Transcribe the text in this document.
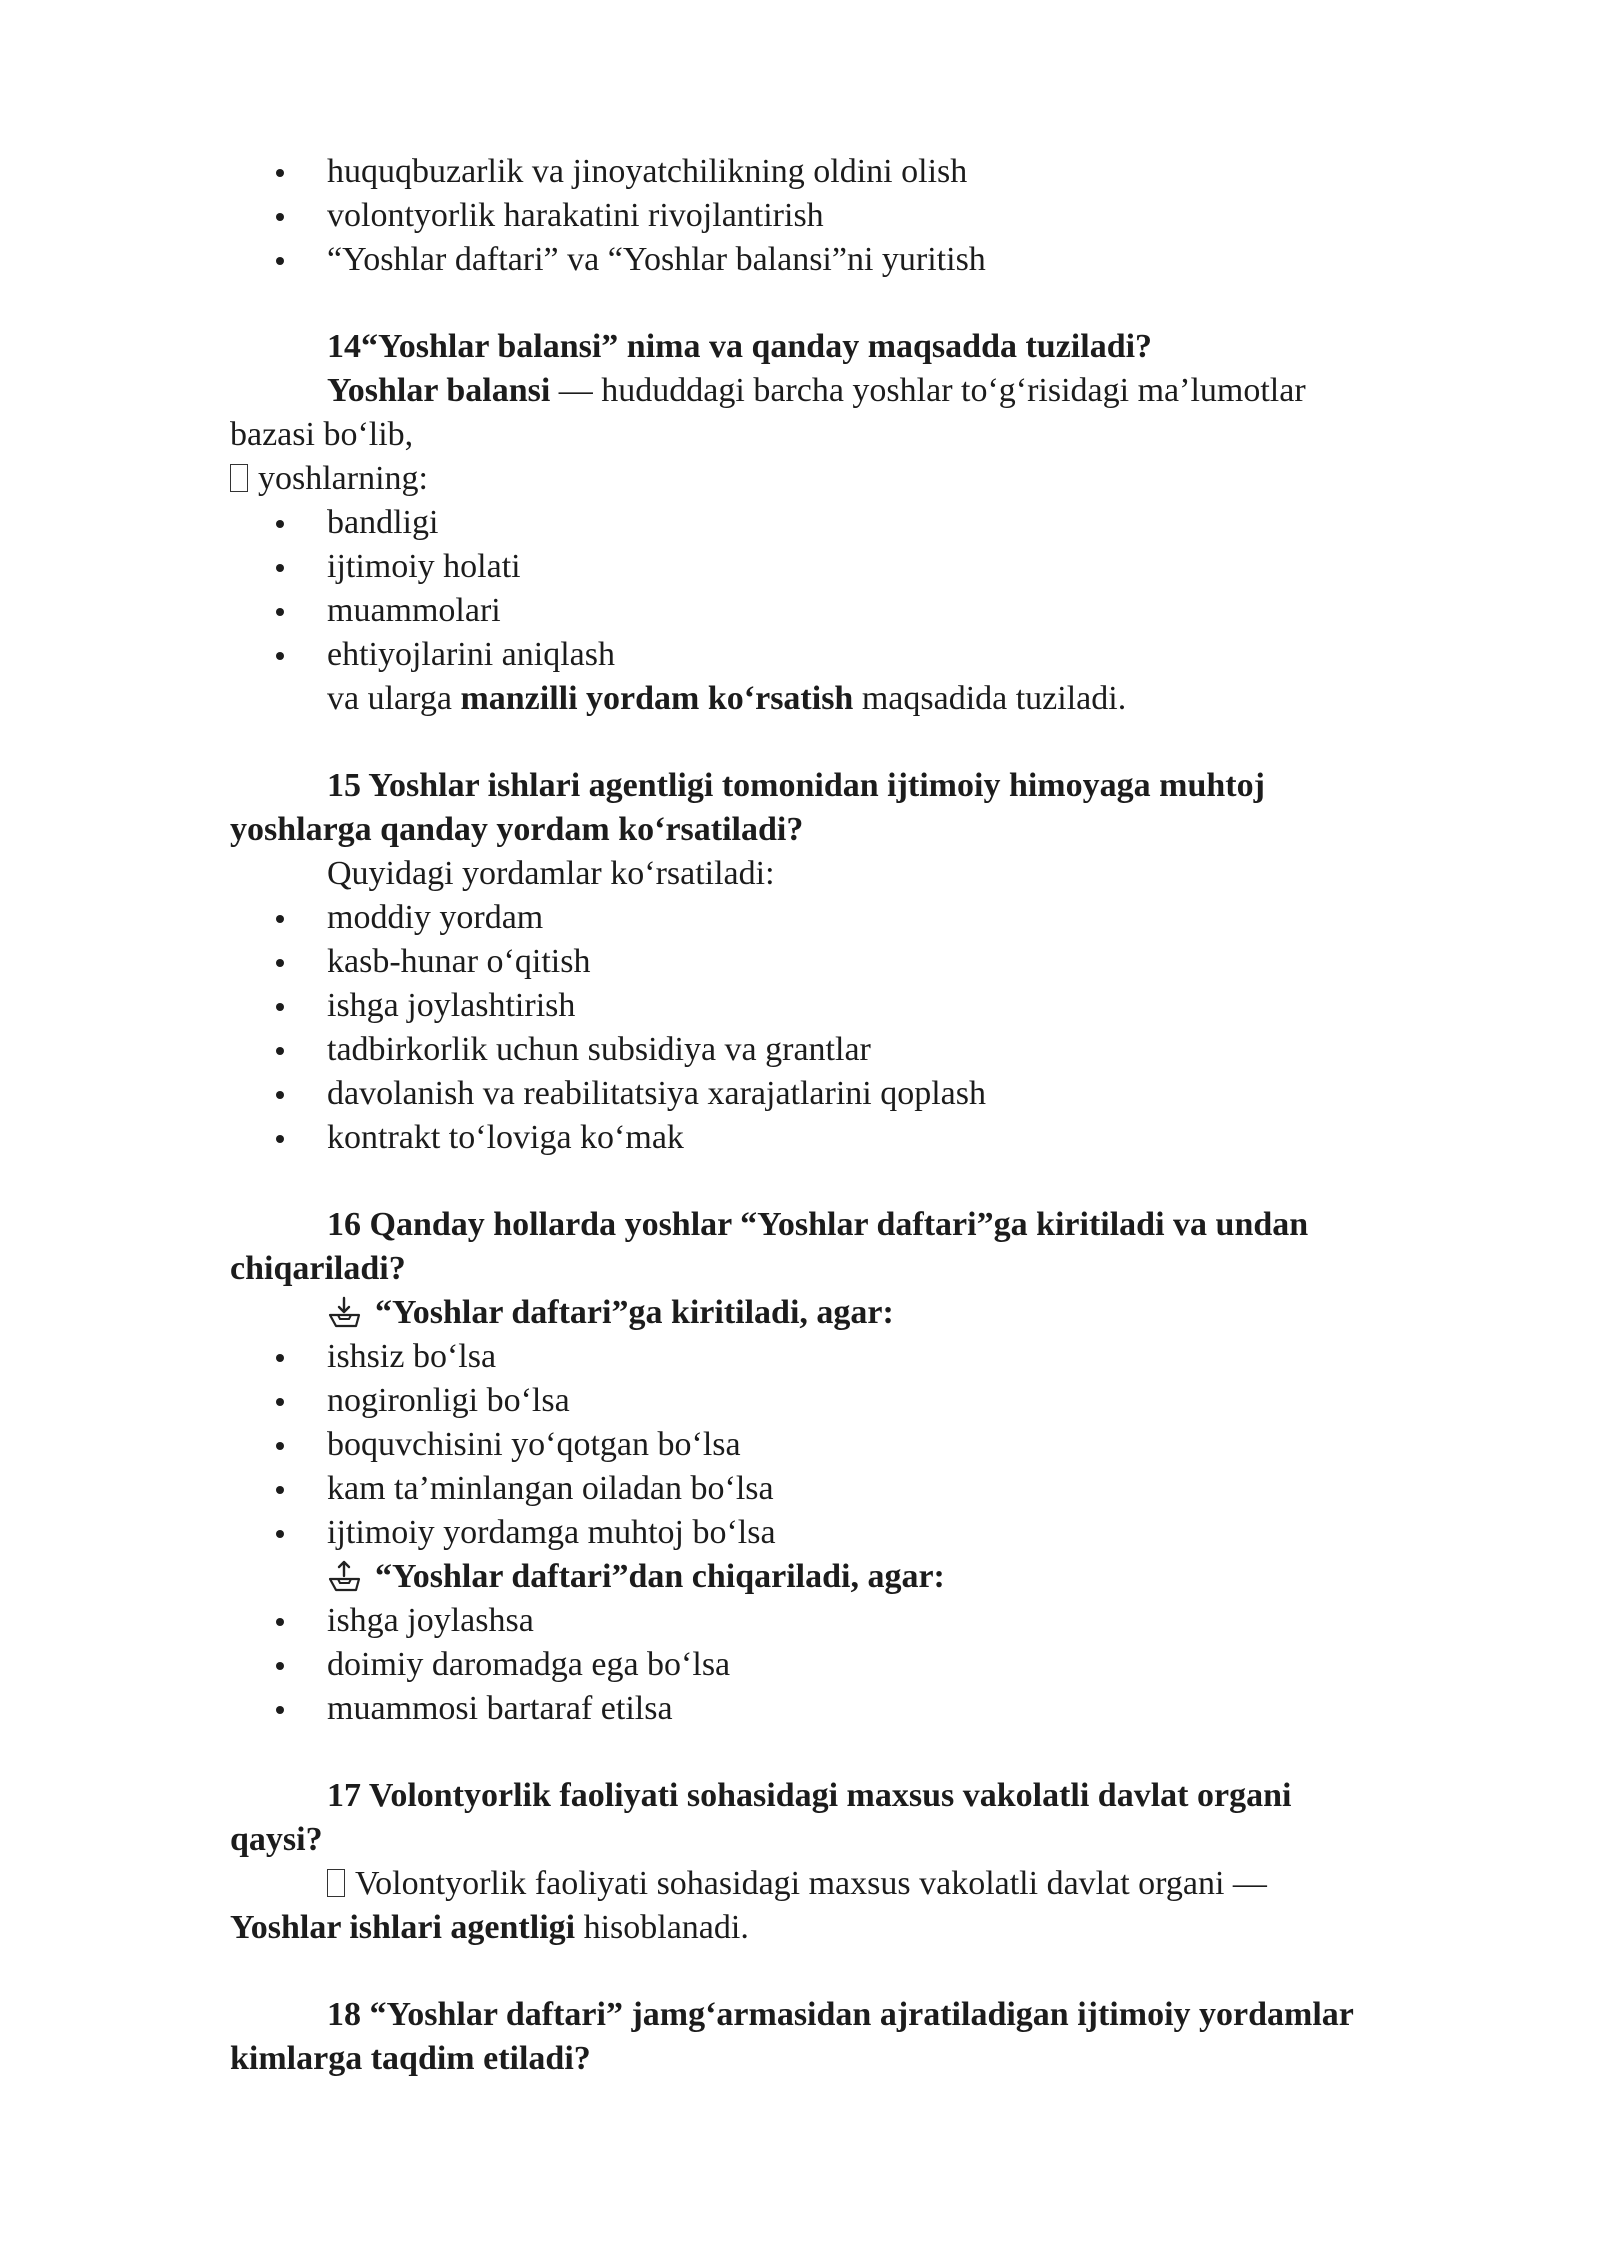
huquqbuzarlik va jinoyatchilikning oldini olish
volontyorlik harakatini rivojlantirish
“Yoshlar daftari” va “Yoshlar balansi”ni yuritish
14“Yoshlar balansi” nima va qanday maqsadda tuziladi?
Yoshlar balansi — hududdagi barcha yoshlar to‘g‘risidagi ma’lumotlar
bazasi bo‘lib,
yoshlarning:
bandligi
ijtimoiy holati
muammolari
ehtiyojlarini aniqlash
va ularga manzilli yordam ko‘rsatish maqsadida tuziladi.
15 Yoshlar ishlari agentligi tomonidan ijtimoiy himoyaga muhtoj
yoshlarga qanday yordam ko‘rsatiladi?
Quyidagi yordamlar ko‘rsatiladi:
moddiy yordam
kasb-hunar o‘qitish
ishga joylashtirish
tadbirkorlik uchun subsidiya va grantlar
davolanish va reabilitatsiya xarajatlarini qoplash
kontrakt to‘loviga ko‘mak
16 Qanday hollarda yoshlar “Yoshlar daftari”ga kiritiladi va undan
chiqariladi?
“Yoshlar daftari”ga kiritiladi, agar:
ishsiz bo‘lsa
nogironligi bo‘lsa
boquvchisini yo‘qotgan bo‘lsa
kam ta’minlangan oiladan bo‘lsa
ijtimoiy yordamga muhtoj bo‘lsa
“Yoshlar daftari”dan chiqariladi, agar:
ishga joylashsa
doimiy daromadga ega bo‘lsa
muammosi bartaraf etilsa
17 Volontyorlik faoliyati sohasidagi maxsus vakolatli davlat organi
qaysi?
Volontyorlik faoliyati sohasidagi maxsus vakolatli davlat organi —
Yoshlar ishlari agentligi hisoblanadi.
18 “Yoshlar daftari” jamg‘armasidan ajratiladigan ijtimoiy yordamlar
kimlarga taqdim etiladi?
